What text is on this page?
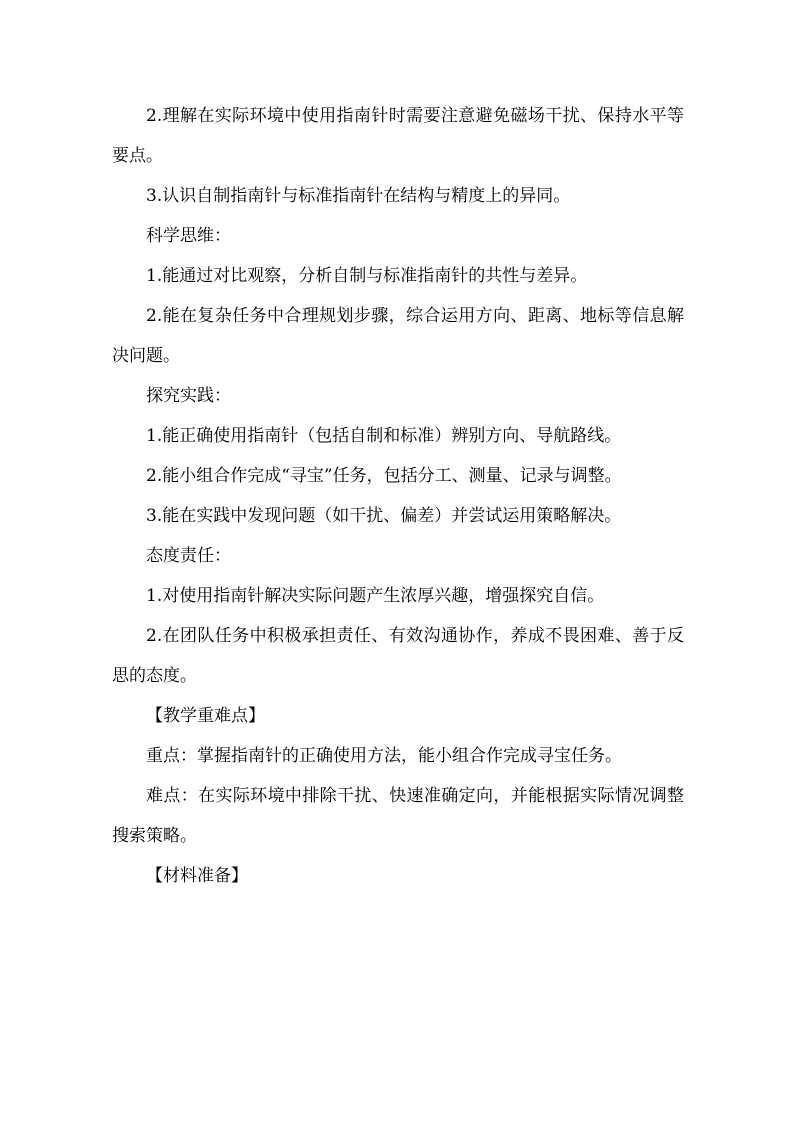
2.理解在实际环境中使用指南针时需要注意避免磁场干扰、保持水平等要点。

3.认识自制指南针与标准指南针在结构与精度上的异同。

科学思维：

1.能通过对比观察，分析自制与标准指南针的共性与差异。

2.能在复杂任务中合理规划步骤，综合运用方向、距离、地标等信息解决问题。

探究实践：

1.能正确使用指南针（包括自制和标准）辨别方向、导航路线。

2.能小组合作完成“寻宝”任务，包括分工、测量、记录与调整。

3.能在实践中发现问题（如干扰、偏差）并尝试运用策略解决。

态度责任：

1.对使用指南针解决实际问题产生浓厚兴趣，增强探究自信。

2.在团队任务中积极承担责任、有效沟通协作，养成不畏困难、善于反思的态度。

【教学重难点】

重点：掌握指南针的正确使用方法，能小组合作完成寻宝任务。

难点：在实际环境中排除干扰、快速准确定向，并能根据实际情况调整搜索策略。

【材料准备】
